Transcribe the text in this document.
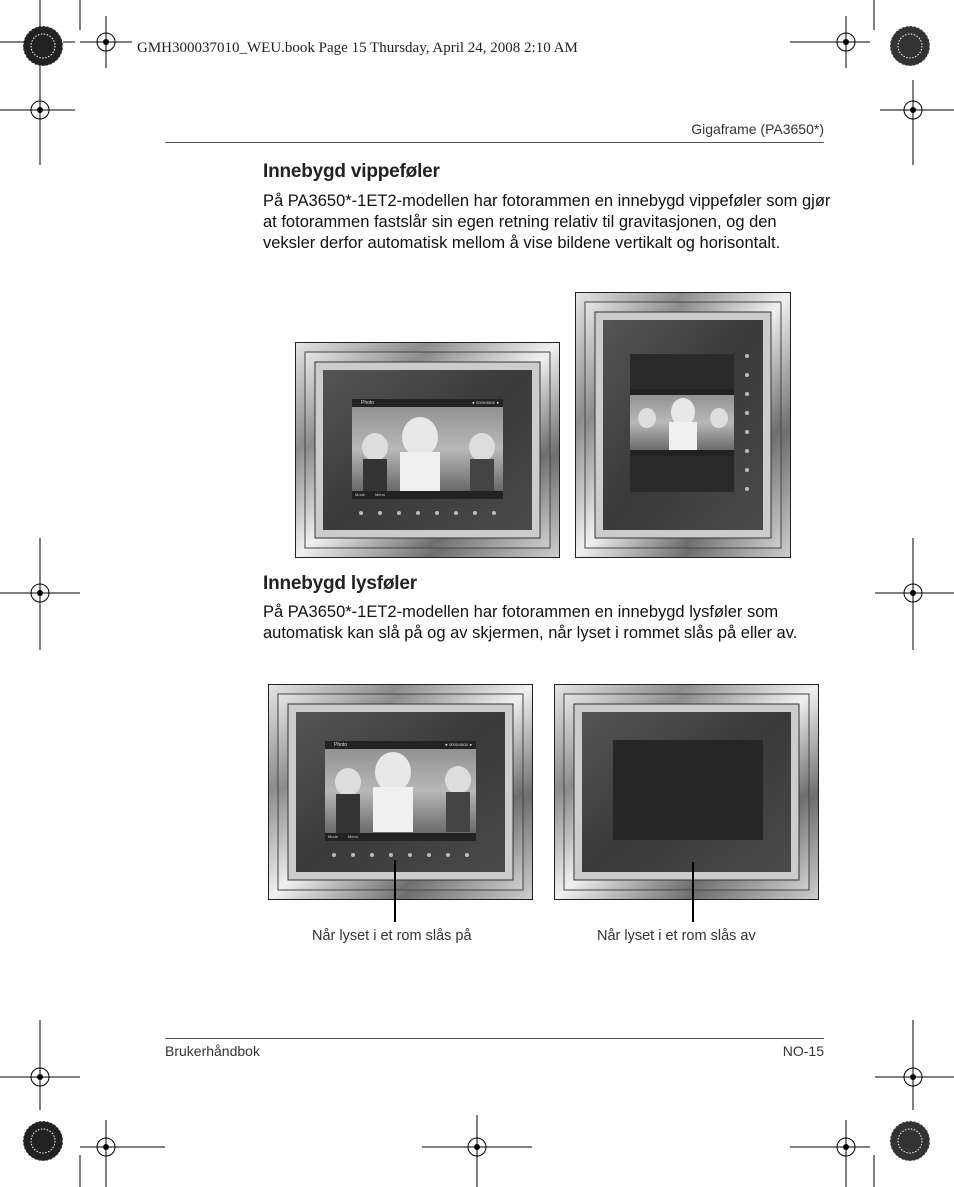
GMH300037010_WEU.book Page 15 Thursday, April 24, 2008 2:10 AM
Gigaframe (PA3650*)
Innebygd vippeføler
På PA3650*-1ET2-modellen har fotorammen en innebygd vippeføler som gjør at fotorammen fastslår sin egen retning relativ til gravitasjonen, og den veksler derfor automatisk mellom å vise bildene vertikalt og horisontalt.
Photo	◄ 0000/4800 ►
Mode Menu
Innebygd lysføler
På PA3650*-1ET2-modellen har fotorammen en innebygd lysføler som automatisk kan slå på og av skjermen, når lyset i rommet slås på eller av.
Photo	◄ 0000/4800 ►
Mode Menu
Når lyset i et rom slås på	Når lyset i et rom slås av
Brukerhåndbok	NO-15
